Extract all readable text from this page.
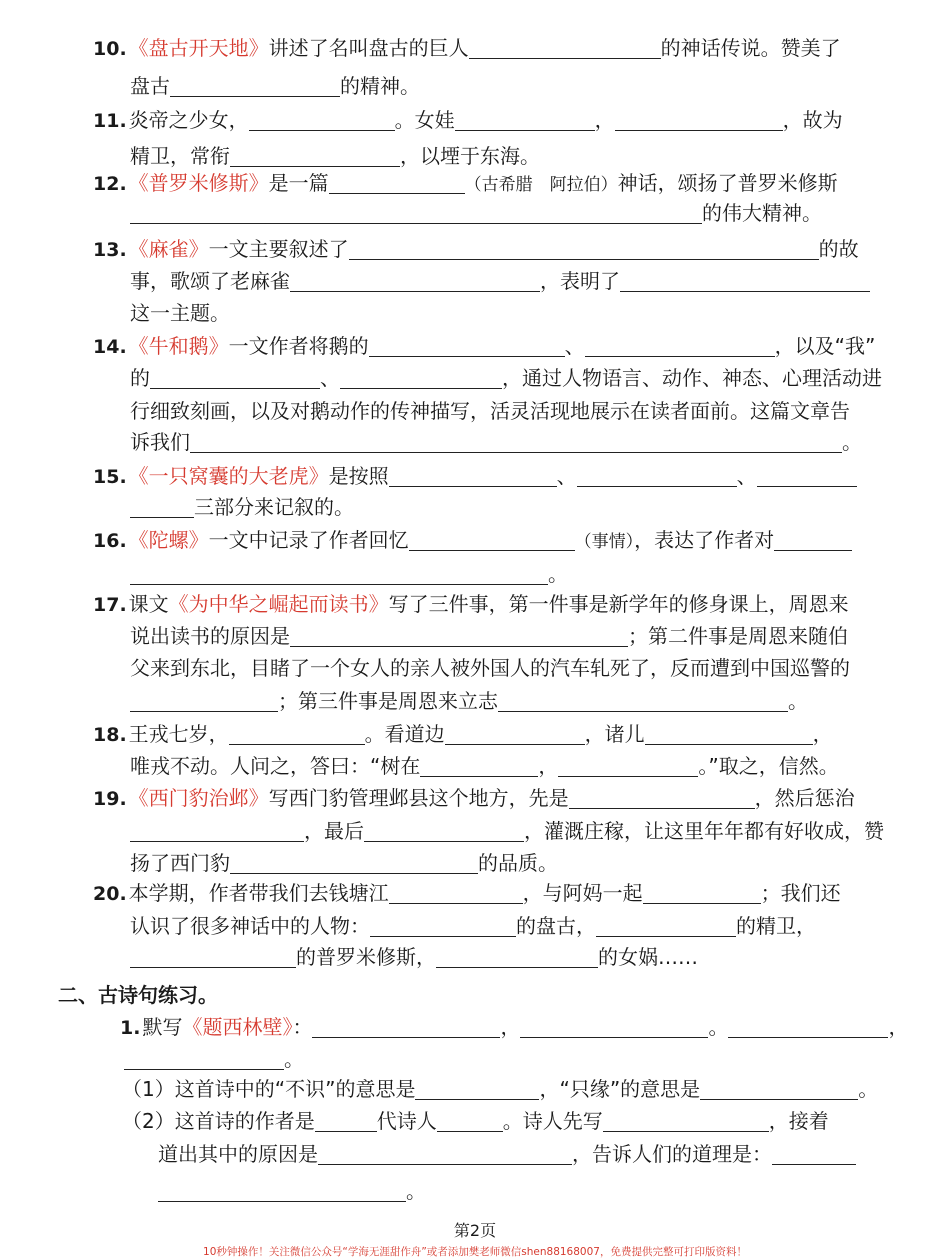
10. 《盘古开天地》讲述了名叫盘古的巨人	的神话传说。赞美了
盘古	的精神。
11. 炎帝之少女，	。女娃	，	，故为
精卫，常衔	，以堙于东海。
12. 《普罗米修斯》是一篇	（古希腊　阿拉伯）神话，颂扬了普罗米修斯
的伟大精神。
13. 《麻雀》一文主要叙述了	的故
事，歌颂了老麻雀	，表明了
这一主题。
14. 《牛和鹅》一文作者将鹅的	、	，以及“我”
的	、	，通过人物语言、动作、神态、心理活动进
行细致刻画，以及对鹅动作的传神描写，活灵活现地展示在读者面前。这篇文章告
诉我们	。
15. 《一只窝囊的大老虎》是按照	、	、
三部分来记叙的。
16. 《陀螺》一文中记录了作者回忆	（事情），表达了作者对
。
17. 课文《为中华之崛起而读书》写了三件事，第一件事是新学年的修身课上，周恩来
说出读书的原因是	；第二件事是周恩来随伯
父来到东北，目睹了一个女人的亲人被外国人的汽车轧死了，反而遭到中国巡警的
；第三件事是周恩来立志	。
18. 王戎七岁，	。看道边	，诸儿	，
唯戎不动。人问之，答曰：“树在	，	。”取之，信然。
19. 《西门豹治邺》写西门豹管理邺县这个地方，先是	，然后惩治
，最后	，灌溉庄稼，让这里年年都有好收成，赞
扬了西门豹	的品质。
20. 本学期，作者带我们去钱塘江	，与阿妈一起	；我们还
认识了很多神话中的人物：	的盘古，	的精卫，
的普罗米修斯，	的女娲……
二、古诗句练习。
1. 默写《题西林壁》：	，	。	，
。
（1）这首诗中的“不识”的意思是	，“只缘”的意思是	。
（2）这首诗的作者是	代诗人	。诗人先写	，接着
道出其中的原因是	，告诉人们的道理是：
。
第2页
10秒钟操作！关注微信公众号“学海无涯甜作舟”或者添加樊老师微信shen88168007，免费提供完整可打印版资料！
